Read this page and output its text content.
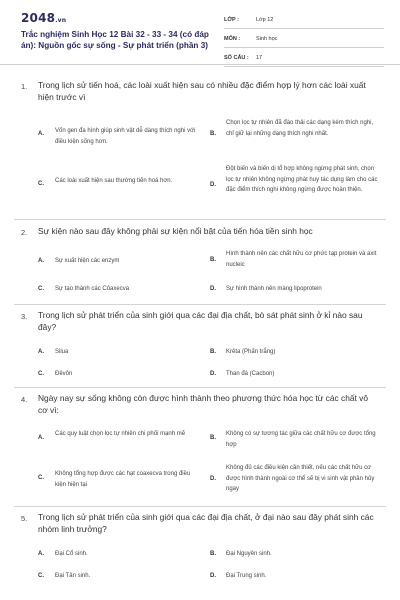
2048.vn
Trắc nghiệm Sinh Học 12 Bài 32 - 33 - 34 (có đáp án): Nguồn gốc sự sống - Sự phát triển (phần 3)
LỚP :	Lớp 12
MÔN :	Sinh học
SỐ CÂU :	17
1. Trong lịch sử tiến hoá, các loài xuất hiện sau có nhiều đặc điểm hợp lý hơn các loài xuất hiện trước vì
A. Vốn gen đa hình giúp sinh vật dễ dàng thích nghi với điều kiện sống hơn.
B.
Chọn lọc tự nhiên đã đào thải các dạng kém thích nghi, chỉ giữ lại những dạng thích nghi nhất.
C. Các loài xuất hiện sau thường tiến hoá hơn.
D.
Đột biến và biến dị tổ hợp không ngừng phát sinh, chọn lọc tự nhiên không ngừng phát huy tác dụng làm cho các đặc điểm thích nghi không ngừng được hoàn thiện.
2. Sự kiện nào sau đây không phải sự kiện nổi bật của tiến hóa tiền sinh học
A. Sự xuất hiện các enzym	B.
Hình thành nên các chất hữu cơ phức tạp protein và axit nucleic
C. Sự tạo thành các Côaxecva	D. Sự hình thành nên màng lipoprotein
3. Trong lịch sử phát triển của sinh giới qua các đại địa chất, bò sát phát sinh ở kỉ nào sau đây?
A. Silua	B. Krêta (Phấn trắng)
C. Đêvôn	D. Than đá (Cacbon)
4. Ngày nay sự sống không còn được hình thành theo phương thức hóa học từ các chất vô cơ vì:
A.
Các quy luật chọn lọc tự nhiên chi phối mạnh mẽ
B.
Không có sự tương tác giữa các chất hữu cơ được tổng hợp
C.
Không tổng hợp được các hạt coaxecva trong điều kiện hiện tại
D.
Không đủ các điều kiện cần thiết, nếu các chất hữu cơ được hình thành ngoài cơ thể sẽ bị vi sinh vật phân hủy ngay
5. Trong lịch sử phát triển của sinh giới qua các đại địa chất, ở đại nào sau đây phát sinh các nhóm linh trưởng?
A. Đại Cổ sinh.	B. Đại Nguyên sinh.
C. Đại Tân sinh.	D. Đại Trung sinh.
